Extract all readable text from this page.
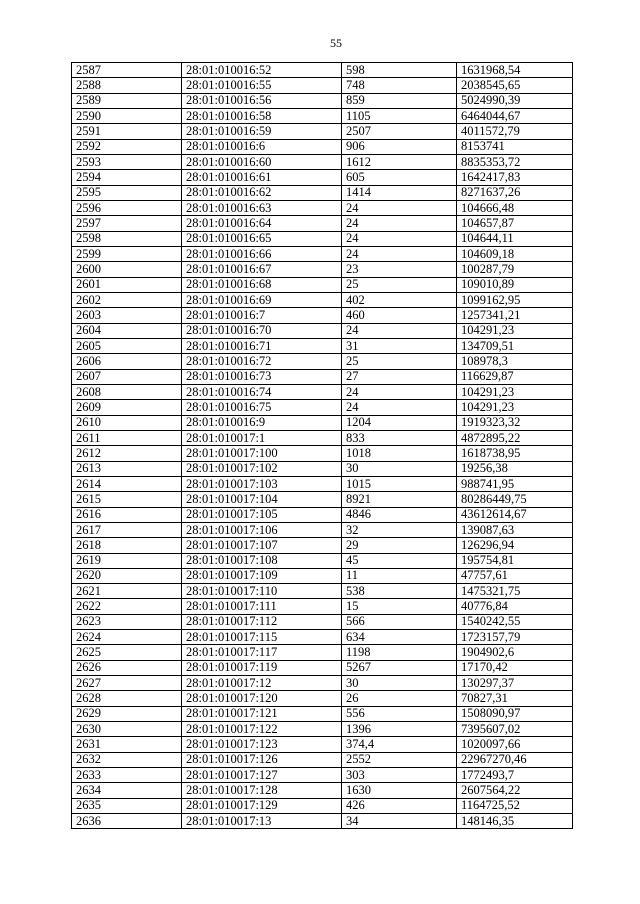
55
2587	28:01:010016:52	598	1631968,54
2588	28:01:010016:55	748	2038545,65
2589	28:01:010016:56	859	5024990,39
2590	28:01:010016:58	1105	6464044,67
2591	28:01:010016:59	2507	4011572,79
2592	28:01:010016:6	906	8153741
2593	28:01:010016:60	1612	8835353,72
2594	28:01:010016:61	605	1642417,83
2595	28:01:010016:62	1414	8271637,26
2596	28:01:010016:63	24	104666,48
2597	28:01:010016:64	24	104657,87
2598	28:01:010016:65	24	104644,11
2599	28:01:010016:66	24	104609,18
2600	28:01:010016:67	23	100287,79
2601	28:01:010016:68	25	109010,89
2602	28:01:010016:69	402	1099162,95
2603	28:01:010016:7	460	1257341,21
2604	28:01:010016:70	24	104291,23
2605	28:01:010016:71	31	134709,51
2606	28:01:010016:72	25	108978,3
2607	28:01:010016:73	27	116629,87
2608	28:01:010016:74	24	104291,23
2609	28:01:010016:75	24	104291,23
2610	28:01:010016:9	1204	1919323,32
2611	28:01:010017:1	833	4872895,22
2612	28:01:010017:100	1018	1618738,95
2613	28:01:010017:102	30	19256,38
2614	28:01:010017:103	1015	988741,95
2615	28:01:010017:104	8921	80286449,75
2616	28:01:010017:105	4846	43612614,67
2617	28:01:010017:106	32	139087,63
2618	28:01:010017:107	29	126296,94
2619	28:01:010017:108	45	195754,81
2620	28:01:010017:109	11	47757,61
2621	28:01:010017:110	538	1475321,75
2622	28:01:010017:111	15	40776,84
2623	28:01:010017:112	566	1540242,55
2624	28:01:010017:115	634	1723157,79
2625	28:01:010017:117	1198	1904902,6
2626	28:01:010017:119	5267	17170,42
2627	28:01:010017:12	30	130297,37
2628	28:01:010017:120	26	70827,31
2629	28:01:010017:121	556	1508090,97
2630	28:01:010017:122	1396	7395607,02
2631	28:01:010017:123	374,4	1020097,66
2632	28:01:010017:126	2552	22967270,46
2633	28:01:010017:127	303	1772493,7
2634	28:01:010017:128	1630	2607564,22
2635	28:01:010017:129	426	1164725,52
2636	28:01:010017:13	34	148146,35
